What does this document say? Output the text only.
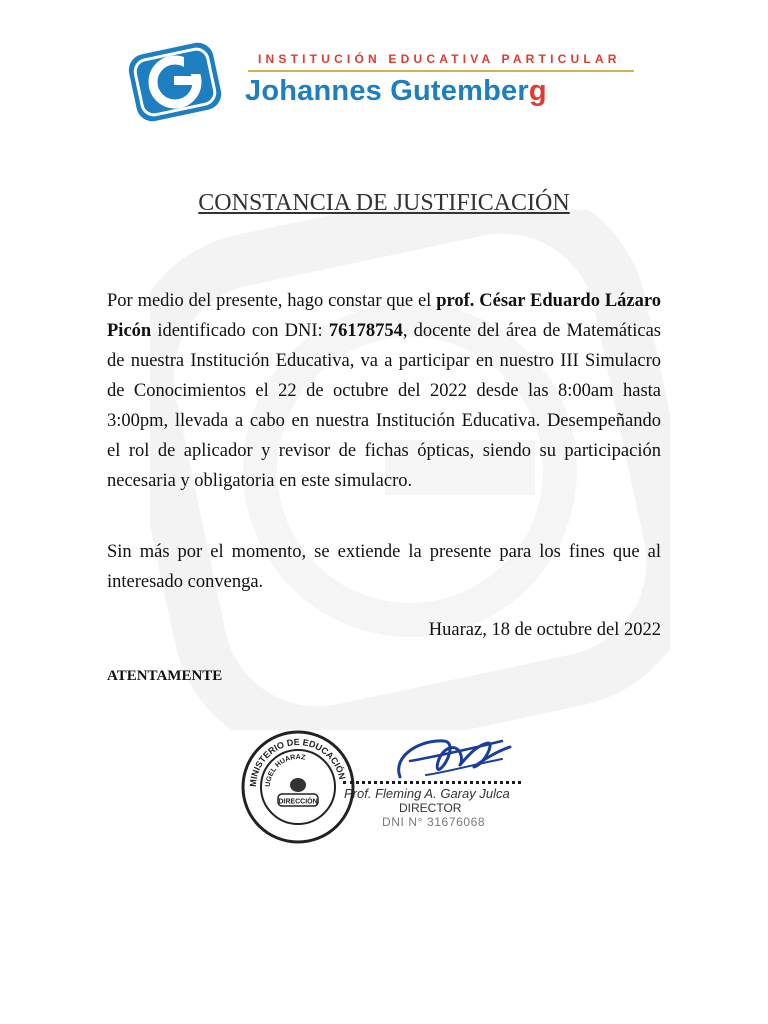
INSTITUCIÓN EDUCATIVA PARTICULAR
Johannes Gutemberg
CONSTANCIA DE JUSTIFICACIÓN
Por medio del presente, hago constar que el prof. César Eduardo Lázaro Picón identificado con DNI: 76178754, docente del área de Matemáticas de nuestra Institución Educativa, va a participar en nuestro III Simulacro de Conocimientos el 22 de octubre del 2022 desde las 8:00am hasta 3:00pm, llevada a cabo en nuestra Institución Educativa. Desempeñando el rol de aplicador y revisor de fichas ópticas, siendo su participación necesaria y obligatoria en este simulacro.
Sin más por el momento, se extiende la presente para los fines que al interesado convenga.
Huaraz, 18 de octubre del 2022
ATENTAMENTE
MINISTERIO DE EDUCACIÓN
UGEL HUARAZ
DIRECCIÓN
Prof. Fleming A. Garay Julca
DIRECTOR
DNI N° 31676068
